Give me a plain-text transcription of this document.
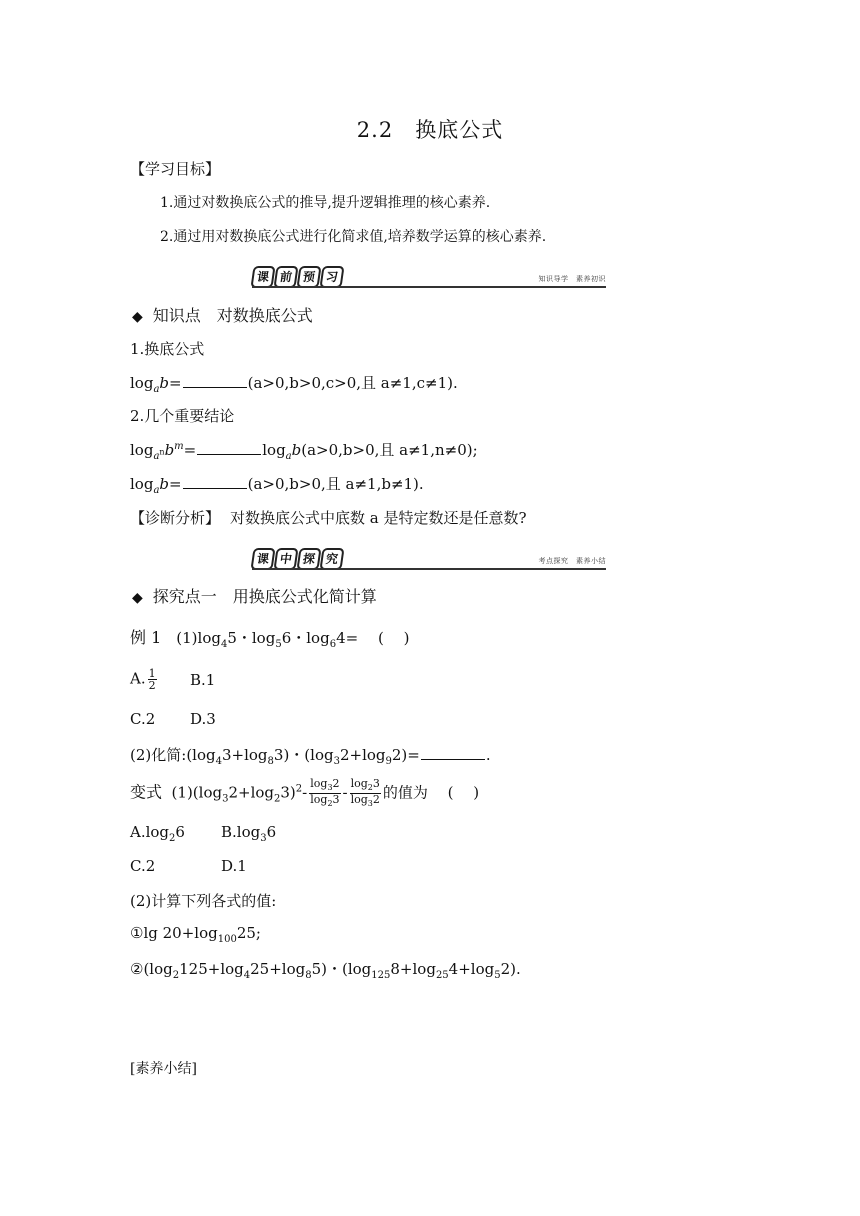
2.2　换底公式
【学习目标】
1.通过对数换底公式的推导,提升逻辑推理的核心素养.
2.通过用对数换底公式进行化简求值,培养数学运算的核心素养.
课 前 预 习	知识导学　素养初识
◆ 知识点　对数换底公式
1.换底公式
$\log_ab=$	(a>0,b>0,c>0,且 a≠1,c≠1).
2.几个重要结论
$\log_{a^n}b^m=$	$\log_ab(a>0,b>0$,且 a≠1,n≠0);
$\log_ab=$	(a>0,b>0,且 a≠1,b≠1).
【诊断分析】 对数换底公式中底数 a 是特定数还是任意数?
课 中 探 究	考点探究　素养小结
◆ 探究点一　用换底公式化简计算
例 1　$(1)\log_45$・$\log_56$・$\log_64=$　 (　 )
A. $\frac{1}{2} B.1$
C.2 D.3
(2)化简$:(\log_43+\log_83)$・$(\log_32+\log_92)=$	.
变式  $(1)(\log_32+\log_23)^2- \frac{\log_32}{\log_23} - \frac{\log_23}{\log_32}$ 的值为　 (　 )
$A.\log_26$ $B.\log_36$
C.2	D.1
(2)计算下列各式的值:
①lg $20+\log_{100}25$;
$②(\log_2125+\log_425+\log_85)$・$(\log_{125}8+\log_{25}4+\log_52)$.
[素养小结]
